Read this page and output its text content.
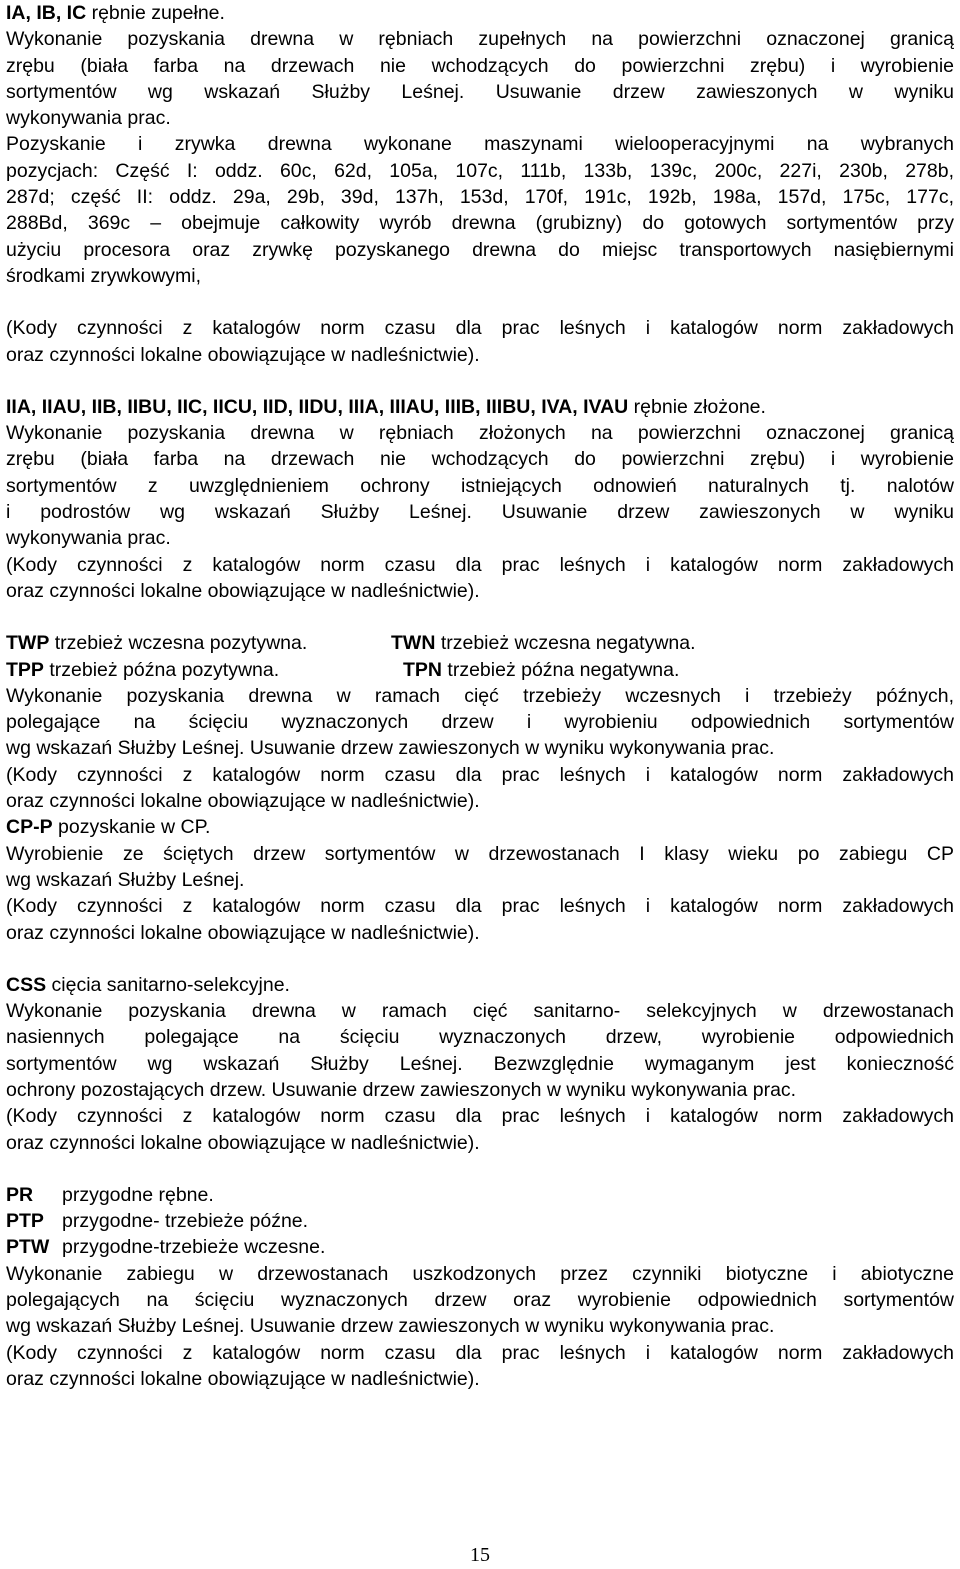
IA, IB, IC rębnie zupełne.

Wykonanie pozyskania drewna w rębniach zupełnych na powierzchni oznaczonej granicą

zrębu (biała farba na drzewach nie wchodzących do powierzchni zrębu) i wyrobienie

sortymentów wg wskazań Służby Leśnej. Usuwanie drzew zawieszonych w wyniku

wykonywania prac.

Pozyskanie i zrywka drewna wykonane maszynami wielooperacyjnymi na wybranych

pozycjach: Część I: oddz. 60c, 62d, 105a, 107c, 111b, 133b, 139c, 200c, 227i, 230b, 278b,

287d; część II: oddz. 29a, 29b, 39d, 137h, 153d, 170f, 191c, 192b, 198a, 157d, 175c, 177c,

288Bd, 369c – obejmuje całkowity wyrób drewna (grubizny) do gotowych sortymentów przy

użyciu procesora oraz zrywkę pozyskanego drewna do miejsc transportowych nasiębiernymi

środkami zrywkowymi,

(Kody czynności z katalogów norm czasu dla prac leśnych i katalogów norm zakładowych

oraz czynności lokalne obowiązujące w nadleśnictwie).

IIA, IIAU, IIB, IIBU, IIC, IICU, IID, IIDU, IIIA, IIIAU, IIIB, IIIBU, IVA, IVAU rębnie złożone.

Wykonanie pozyskania drewna w rębniach złożonych na powierzchni oznaczonej granicą

zrębu (biała farba na drzewach nie wchodzących do powierzchni zrębu) i wyrobienie

sortymentów z uwzględnieniem ochrony istniejących odnowień naturalnych tj. nalotów

i podrostów wg wskazań Służby Leśnej. Usuwanie drzew zawieszonych w wyniku

wykonywania prac.

(Kody czynności z katalogów norm czasu dla prac leśnych i katalogów norm zakładowych

oraz czynności lokalne obowiązujące w nadleśnictwie).

TWP trzebież wczesna pozytywna.	TWN trzebież wczesna negatywna.
TPP trzebież późna pozytywna.	TPN trzebież późna negatywna.

Wykonanie pozyskania drewna w ramach cięć trzebieży wczesnych i trzebieży późnych,

polegające na ścięciu wyznaczonych drzew i wyrobieniu odpowiednich sortymentów

wg wskazań Służby Leśnej. Usuwanie drzew zawieszonych w wyniku wykonywania prac.

(Kody czynności z katalogów norm czasu dla prac leśnych i katalogów norm zakładowych

oraz czynności lokalne obowiązujące w nadleśnictwie).

CP-P pozyskanie w CP.

Wyrobienie ze ściętych drzew sortymentów w drzewostanach I klasy wieku po zabiegu CP

wg wskazań Służby Leśnej.

(Kody czynności z katalogów norm czasu dla prac leśnych i katalogów norm zakładowych

oraz czynności lokalne obowiązujące w nadleśnictwie).

CSS cięcia sanitarno-selekcyjne.

Wykonanie pozyskania drewna w ramach cięć sanitarno- selekcyjnych w drzewostanach

nasiennych polegające na ścięciu wyznaczonych drzew, wyrobienie odpowiednich

sortymentów wg wskazań Służby Leśnej. Bezwzględnie wymaganym jest konieczność

ochrony pozostających drzew. Usuwanie drzew zawieszonych w wyniku wykonywania prac.

(Kody czynności z katalogów norm czasu dla prac leśnych i katalogów norm zakładowych

oraz czynności lokalne obowiązujące w nadleśnictwie).

PR	przygodne rębne.
PTP przygodne- trzebieże późne.
PTW przygodne-trzebieże wczesne.

Wykonanie zabiegu w drzewostanach uszkodzonych przez czynniki biotyczne i abiotyczne

polegających na ścięciu wyznaczonych drzew oraz wyrobienie odpowiednich sortymentów

wg wskazań Służby Leśnej. Usuwanie drzew zawieszonych w wyniku wykonywania prac.

(Kody czynności z katalogów norm czasu dla prac leśnych i katalogów norm zakładowych

oraz czynności lokalne obowiązujące w nadleśnictwie).

15
